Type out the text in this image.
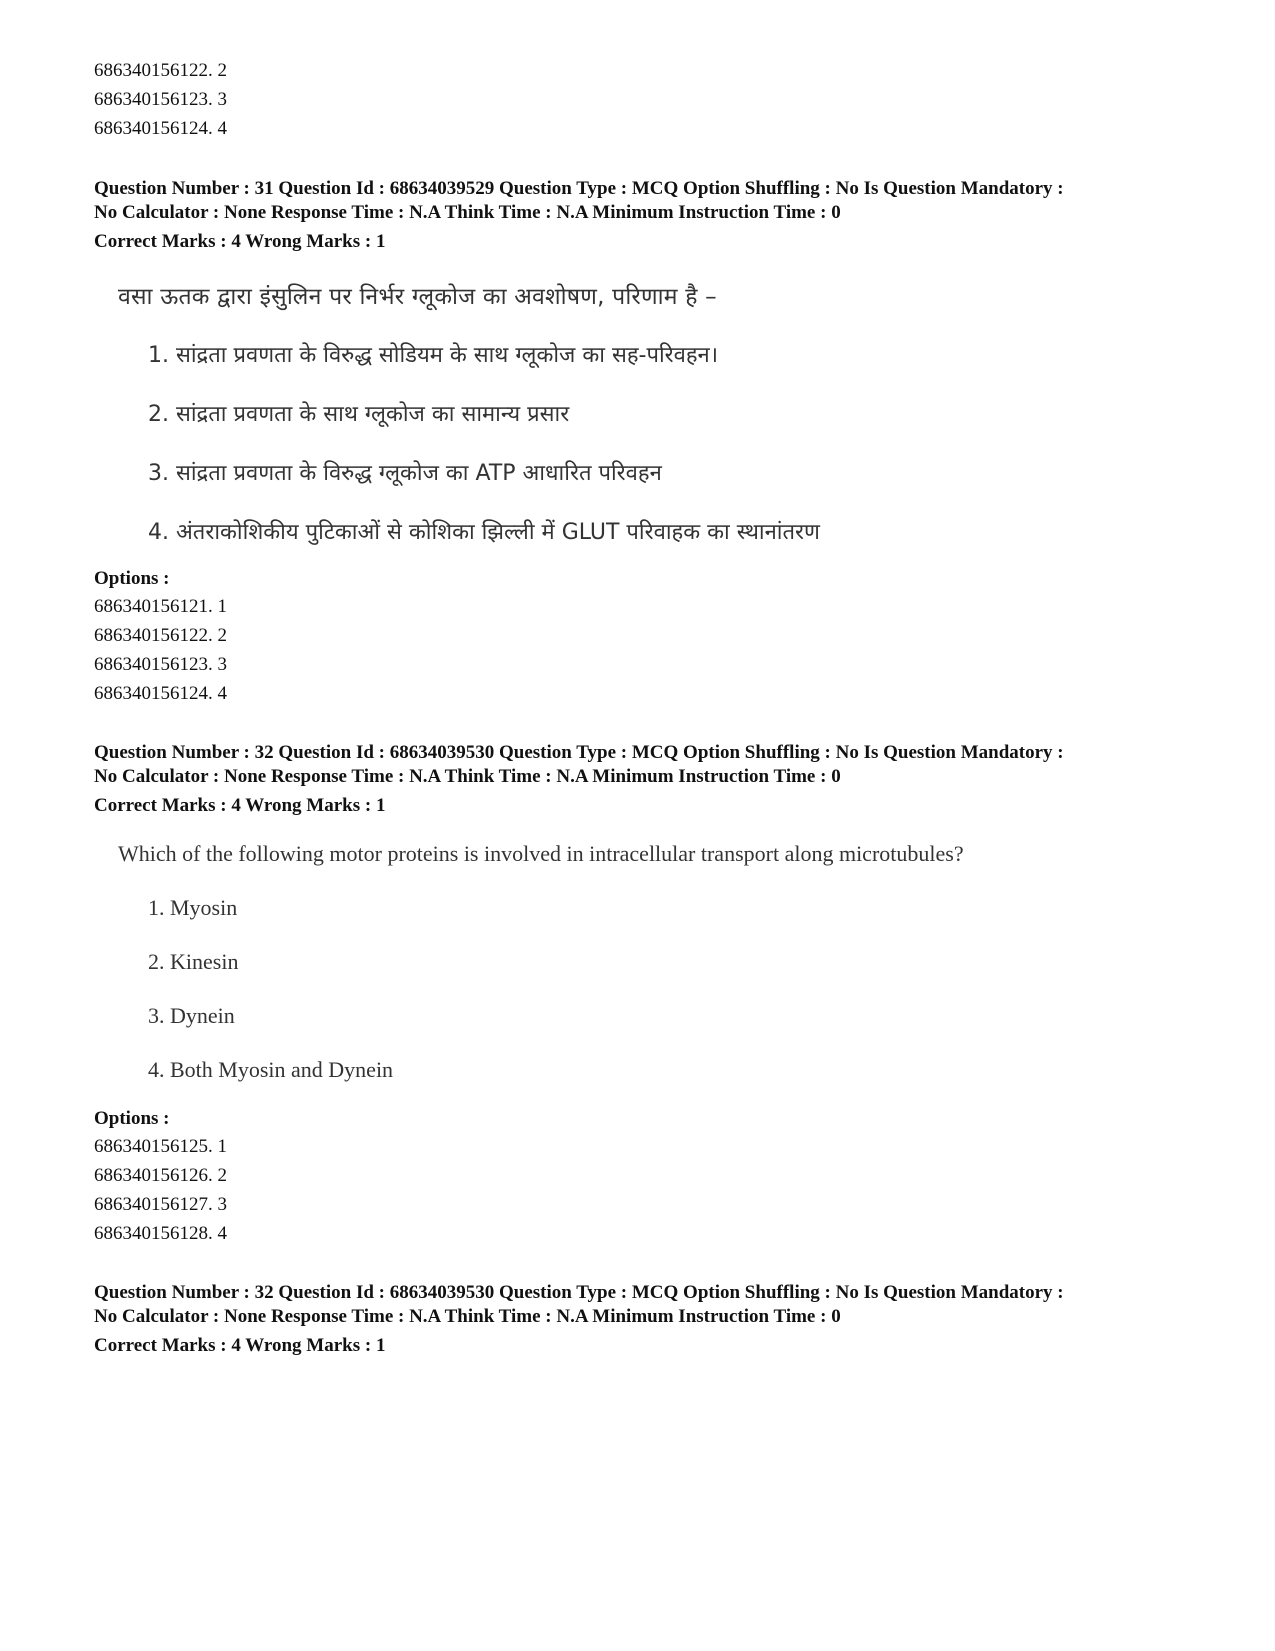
686340156122. 2
686340156123. 3
686340156124. 4
Question Number : 31 Question Id : 68634039529 Question Type : MCQ Option Shuffling : No Is Question Mandatory :
No Calculator : None Response Time : N.A Think Time : N.A Minimum Instruction Time : 0
Correct Marks : 4 Wrong Marks : 1
वसा ऊतक द्वारा इंसुलिन पर निर्भर ग्लूकोज का अवशोषण, परिणाम है –
1. सांद्रता प्रवणता के विरुद्ध सोडियम के साथ ग्लूकोज का सह-परिवहन।
2. सांद्रता प्रवणता के साथ ग्लूकोज का सामान्य प्रसार
3. सांद्रता प्रवणता के विरुद्ध ग्लूकोज का ATP आधारित परिवहन
4. अंतराकोशिकीय पुटिकाओं से कोशिका झिल्ली में GLUT परिवाहक का स्थानांतरण
Options :
686340156121. 1
686340156122. 2
686340156123. 3
686340156124. 4
Question Number : 32 Question Id : 68634039530 Question Type : MCQ Option Shuffling : No Is Question Mandatory :
No Calculator : None Response Time : N.A Think Time : N.A Minimum Instruction Time : 0
Correct Marks : 4 Wrong Marks : 1
Which of the following motor proteins is involved in intracellular transport along microtubules?
1. Myosin
2. Kinesin
3. Dynein
4. Both Myosin and Dynein
Options :
686340156125. 1
686340156126. 2
686340156127. 3
686340156128. 4
Question Number : 32 Question Id : 68634039530 Question Type : MCQ Option Shuffling : No Is Question Mandatory :
No Calculator : None Response Time : N.A Think Time : N.A Minimum Instruction Time : 0
Correct Marks : 4 Wrong Marks : 1
